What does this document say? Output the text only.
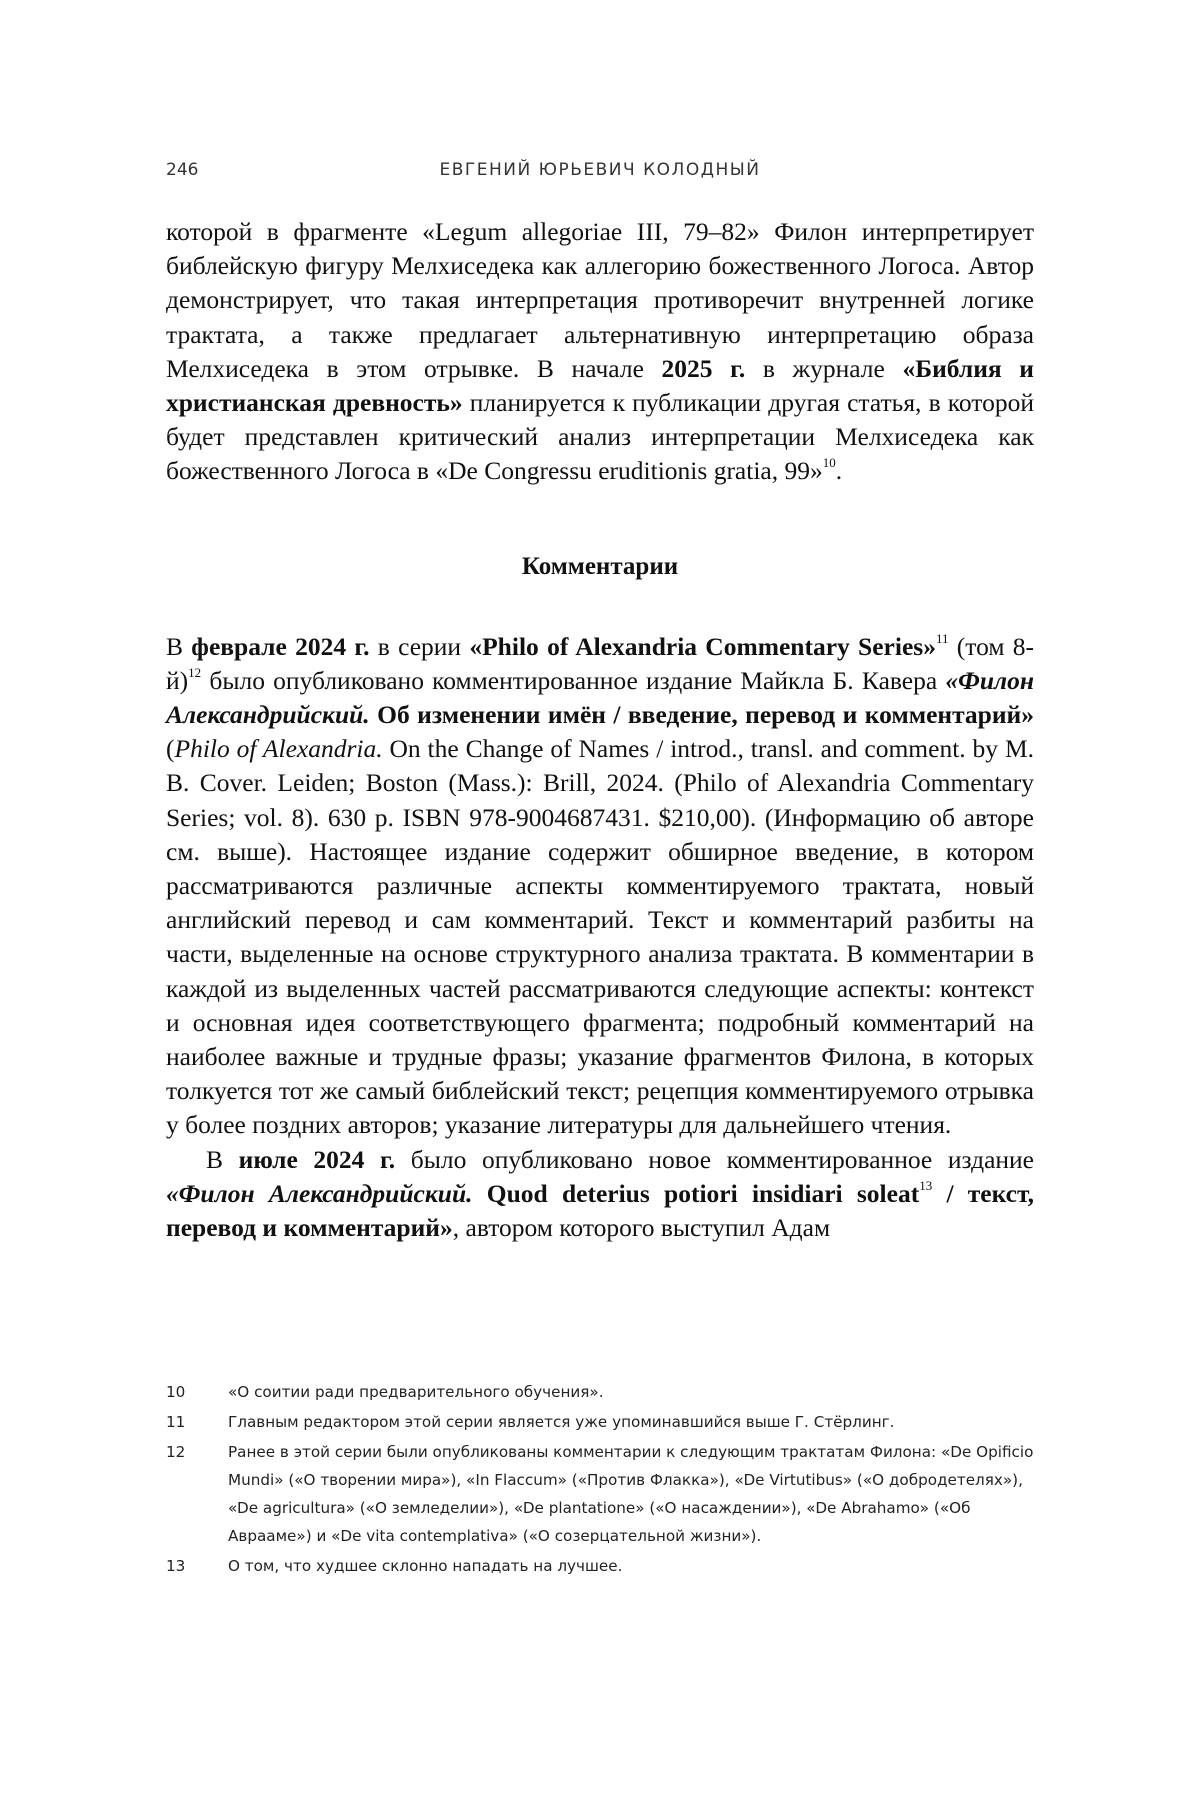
246	ЕВГЕНИЙ ЮРЬЕВИЧ КОЛОДНЫЙ

которой в фрагменте «Legum allegoriae III, 79–82» Филон интерпретирует библейскую фигуру Мелхиседека как аллегорию божественного Логоса. Автор демонстрирует, что такая интерпретация противоречит внутренней логике трактата, а также предлагает альтернативную интерпретацию образа Мелхиседека в этом отрывке. В начале 2025 г. в журнале «Библия и христианская древность» планируется к публикации другая статья, в которой будет представлен критический анализ интерпретации Мелхиседека как божественного Логоса в «De Congressu eruditionis gratia, 99»$^{10}$.

Комментарии

В феврале 2024 г. в серии «Philo of Alexandria Commentary Series»$^{11}$ (том 8-й)$^{12}$ было опубликовано комментированное издание Майкла Б. Кавера «Филон Александрийский. Об изменении имён / введение, перевод и комментарий» (Philo of Alexandria. On the Change of Names / introd., transl. and comment. by M. B. Cover. Leiden; Boston (Mass.): Brill, 2024. (Philo of Alexandria Commentary Series; vol. 8). 630 p. ISBN 978-9004687431. $210,00). (Информацию об авторе см. выше). Настоящее издание содержит обширное введение, в котором рассматриваются различные аспекты комментируемого трактата, новый английский перевод и сам комментарий. Текст и комментарий разбиты на части, выделенные на основе структурного анализа трактата. В комментарии в каждой из выделенных частей рассматриваются следующие аспекты: контекст и основная идея соответствующего фрагмента; подробный комментарий на наиболее важные и трудные фразы; указание фрагментов Филона, в которых толкуется тот же самый библейский текст; рецепция комментируемого отрывка у более поздних авторов; указание литературы для дальнейшего чтения.

В июле 2024 г. было опубликовано новое комментированное издание «Филон Александрийский. Quod deterius potiori insidiari soleat$^{13}$ / текст, перевод и комментарий», автором которого выступил Адам

10	«О соитии ради предварительного обучения».
11	Главным редактором этой серии является уже упоминавшийся выше Г. Стёрлинг.
12	Ранее в этой серии были опубликованы комментарии к следующим трактатам Филона: «De Opificio Mundi» («О творении мира»), «In Flaccum» («Против Флакка»), «De Virtutibus» («О добродетелях»), «De agricultura» («О земледелии»), «De plantatione» («О насаждении»), «De Abrahamo» («Об Аврааме») и «De vita contemplativa» («О созерцательной жизни»).
13	О том, что худшее склонно нападать на лучшее.
